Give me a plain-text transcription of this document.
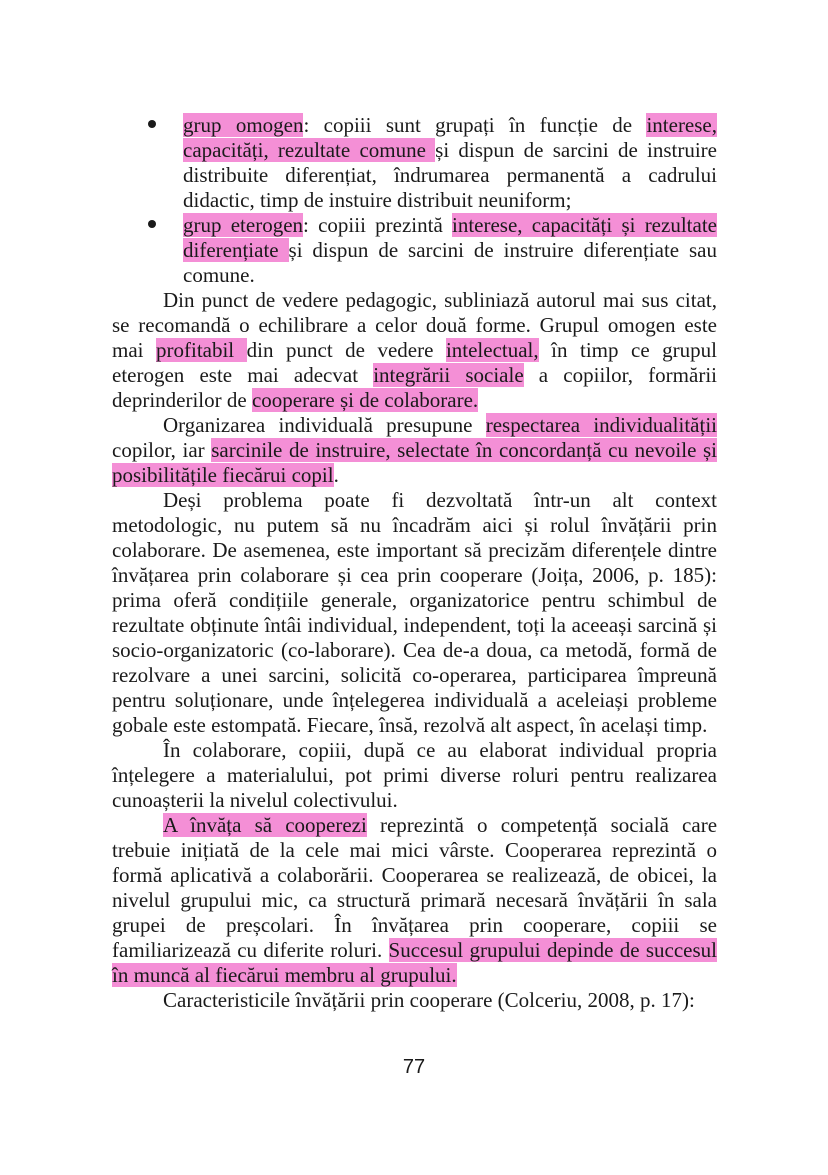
grup omogen: copiii sunt grupați în funcție de interese, capacități, rezultate comune și dispun de sarcini de instruire distribuite diferențiat, îndrumarea permanentă a cadrului didactic, timp de instuire distribuit neuniform;
grup eterogen: copiii prezintă interese, capacități și rezultate diferențiate și dispun de sarcini de instruire diferențiate sau comune.

Din punct de vedere pedagogic, subliniază autorul mai sus citat, se recomandă o echilibrare a celor două forme. Grupul omogen este mai profitabil din punct de vedere intelectual, în timp ce grupul eterogen este mai adecvat integrării sociale a copiilor, formării deprinderilor de cooperare și de colaborare.

Organizarea individuală presupune respectarea individualității copilor, iar sarcinile de instruire, selectate în concordanță cu nevoile și posibilitățile fiecărui copil.

Deși problema poate fi dezvoltată într-un alt context metodologic, nu putem să nu încadrăm aici și rolul învățării prin colaborare. De asemenea, este important să precizăm diferențele dintre învățarea prin colaborare și cea prin cooperare (Joița, 2006, p. 185): prima oferă condițiile generale, organizatorice pentru schimbul de rezultate obținute întâi individual, independent, toți la aceeași sarcină și socio-organizatoric (co-laborare). Cea de-a doua, ca metodă, formă de rezolvare a unei sarcini, solicită co-operarea, participarea împreună pentru soluționare, unde înțelegerea individuală a aceleiași probleme gobale este estompată. Fiecare, însă, rezolvă alt aspect, în același timp.

În colaborare, copiii, după ce au elaborat individual propria înțelegere a materialului, pot primi diverse roluri pentru realizarea cunoașterii la nivelul colectivului.

A învăța să cooperezi reprezintă o competență socială care trebuie inițiată de la cele mai mici vârste. Cooperarea reprezintă o formă aplicativă a colaborării. Cooperarea se realizează, de obicei, la nivelul grupului mic, ca structură primară necesară învățării în sala grupei de preșcolari. În învățarea prin cooperare, copiii se familiarizează cu diferite roluri. Succesul grupului depinde de succesul în muncă al fiecărui membru al grupului.

Caracteristicile învățării prin cooperare (Colceriu, 2008, p. 17):

77
